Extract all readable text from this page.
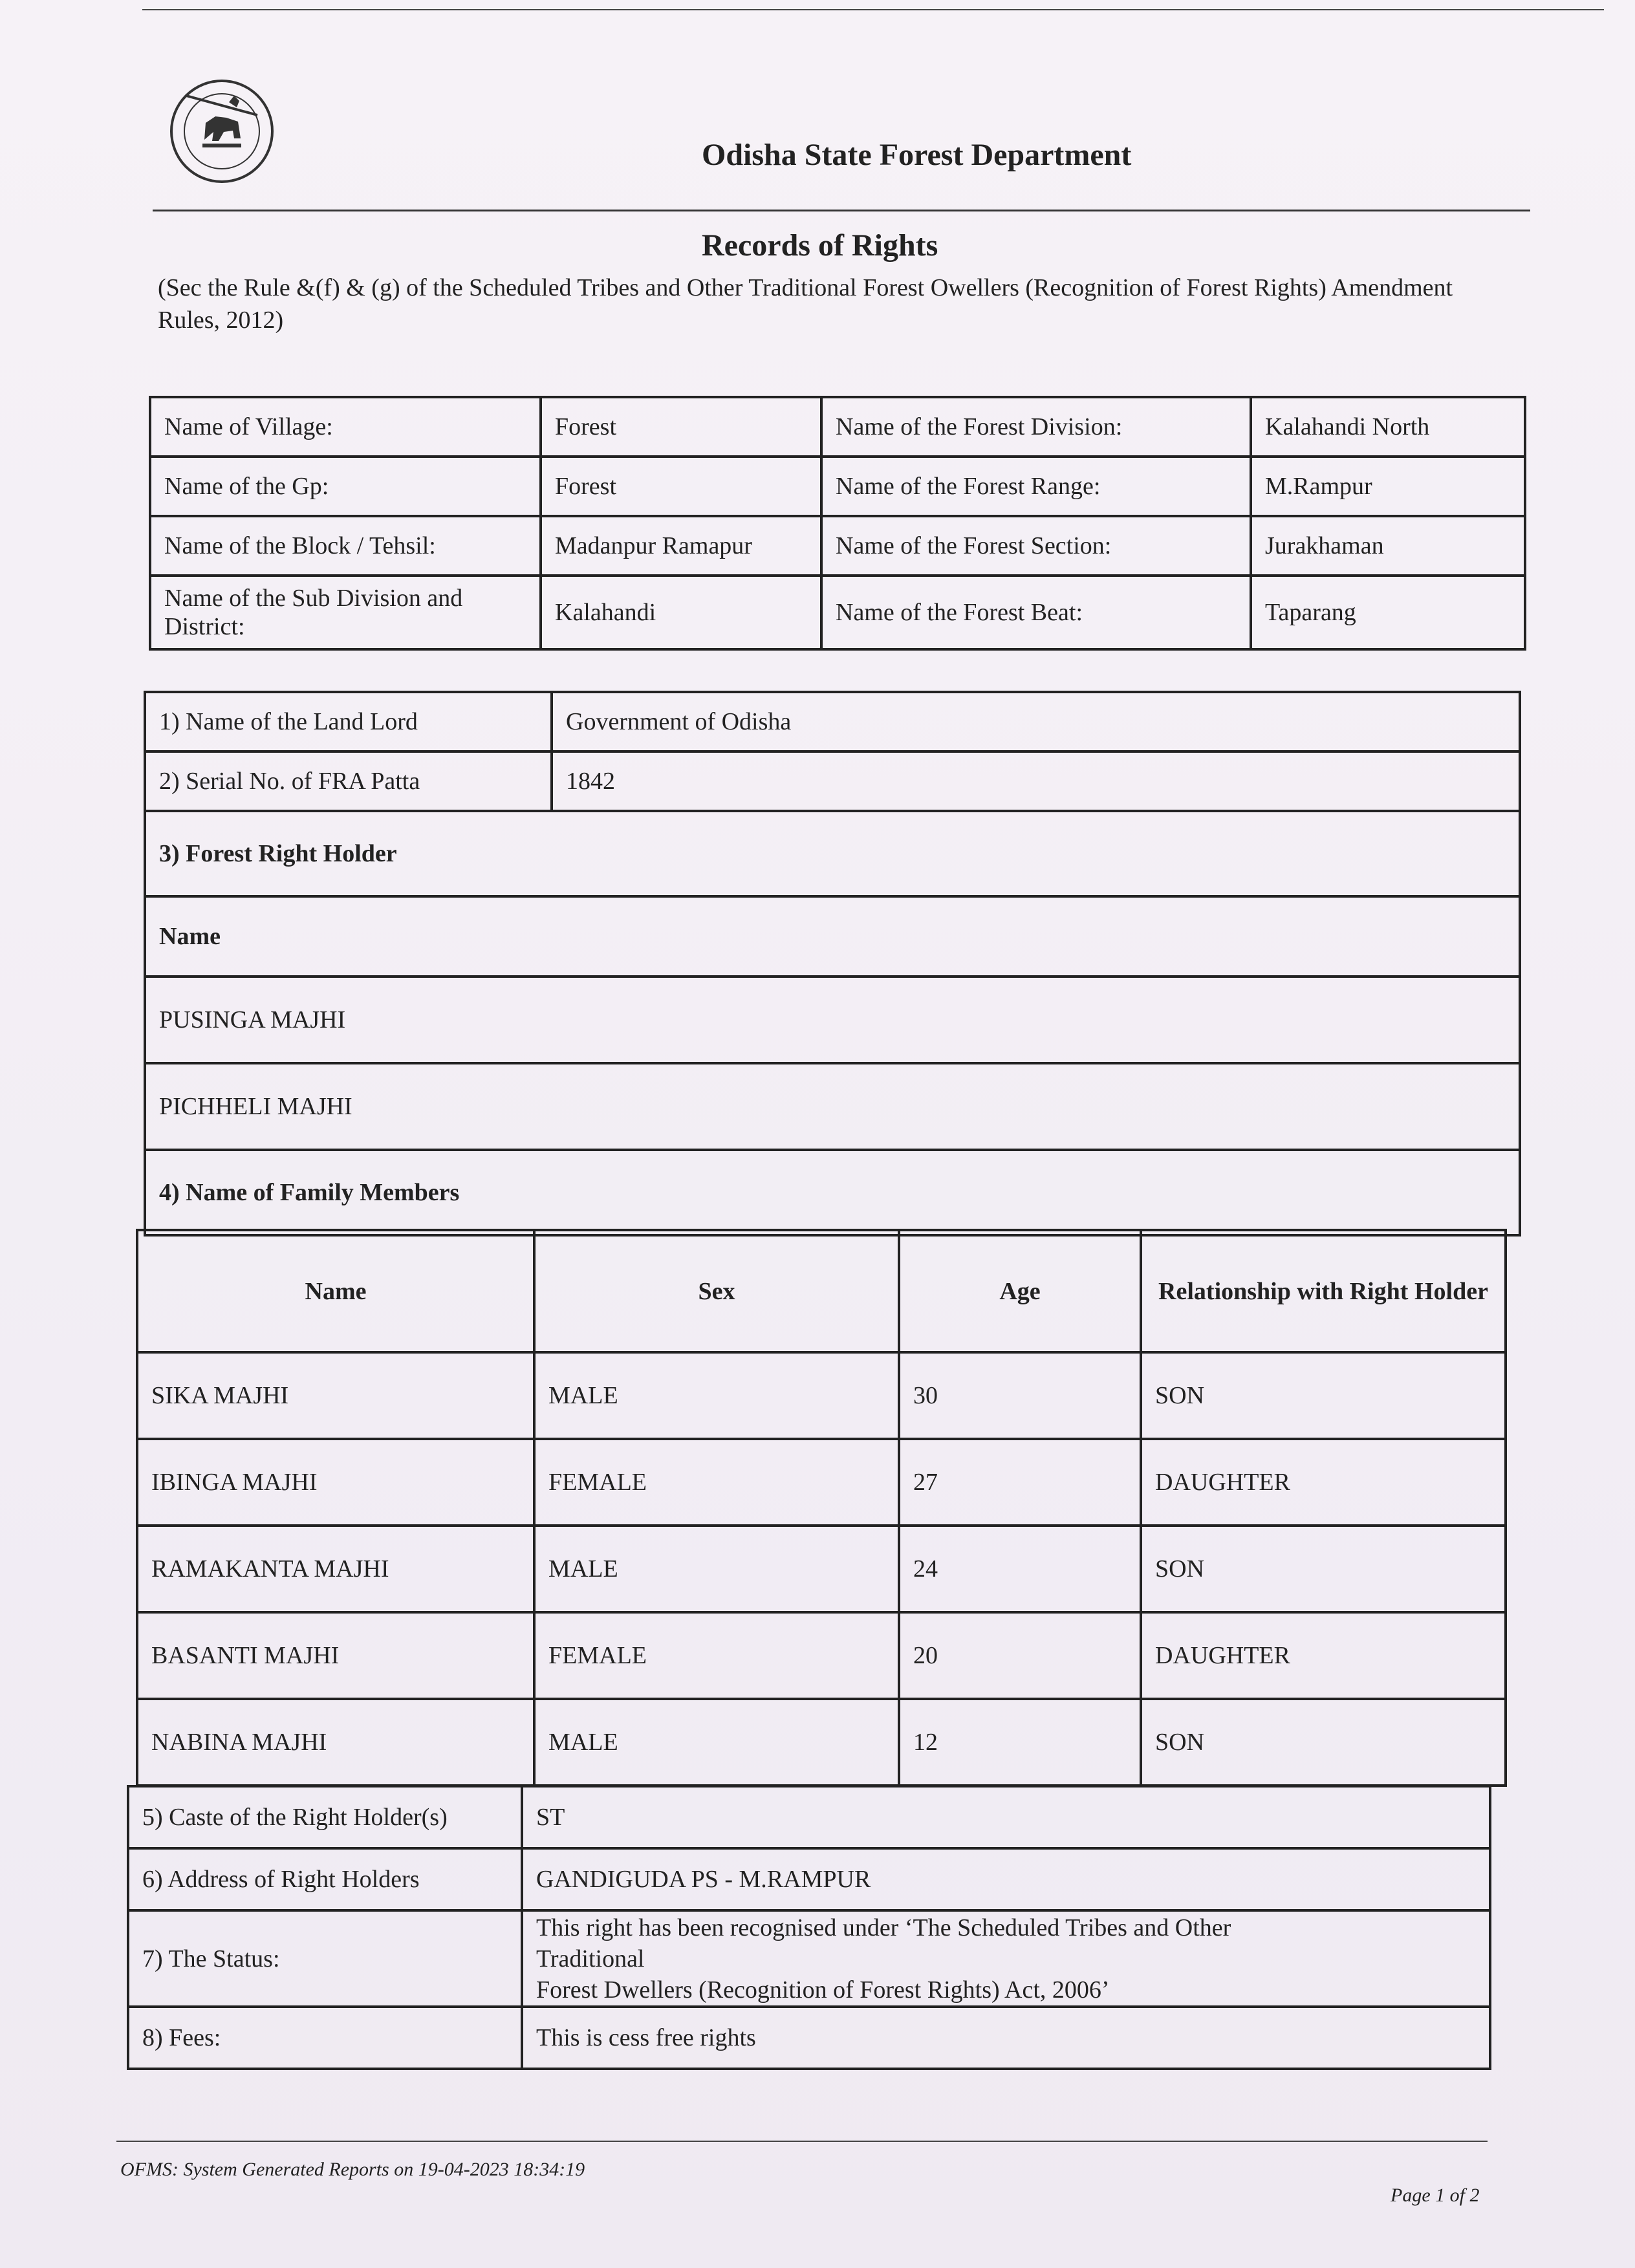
Odisha State Forest Department
Records of Rights
(Sec the Rule &(f) & (g) of the Scheduled Tribes and Other Traditional Forest Owellers (Recognition of Forest Rights) Amendment Rules, 2012)
Name of Village:	Forest	Name of the Forest Division:	Kalahandi North
Name of the Gp:	Forest	Name of the Forest Range:	M.Rampur
Name of the Block / Tehsil:	Madanpur Ramapur	Name of the Forest Section:	Jurakhaman
Name of the Sub Division and District:	Kalahandi	Name of the Forest Beat:	Taparang
1) Name of the Land Lord	Government of Odisha
2) Serial No. of FRA Patta	1842
3) Forest Right Holder	
Name	
PUSINGA MAJHI	
PICHHELI MAJHI	
4) Name of Family Members	
Name	Sex	Age	Relationship with Right Holder
SIKA MAJHI	MALE	30	SON
IBINGA MAJHI	FEMALE	27	DAUGHTER
RAMAKANTA MAJHI	MALE	24	SON
BASANTI MAJHI	FEMALE	20	DAUGHTER
NABINA MAJHI	MALE	12	SON
5) Caste of the Right Holder(s)	ST
6) Address of Right Holders	GANDIGUDA PS - M.RAMPUR
7) The Status:	This right has been recognised under ‘The Scheduled Tribes and Other
Traditional
Forest Dwellers (Recognition of Forest Rights) Act, 2006’

8) Fees:	This is cess free rights
OFMS: System Generated Reports on 19-04-2023 18:34:19
Page 1 of 2
